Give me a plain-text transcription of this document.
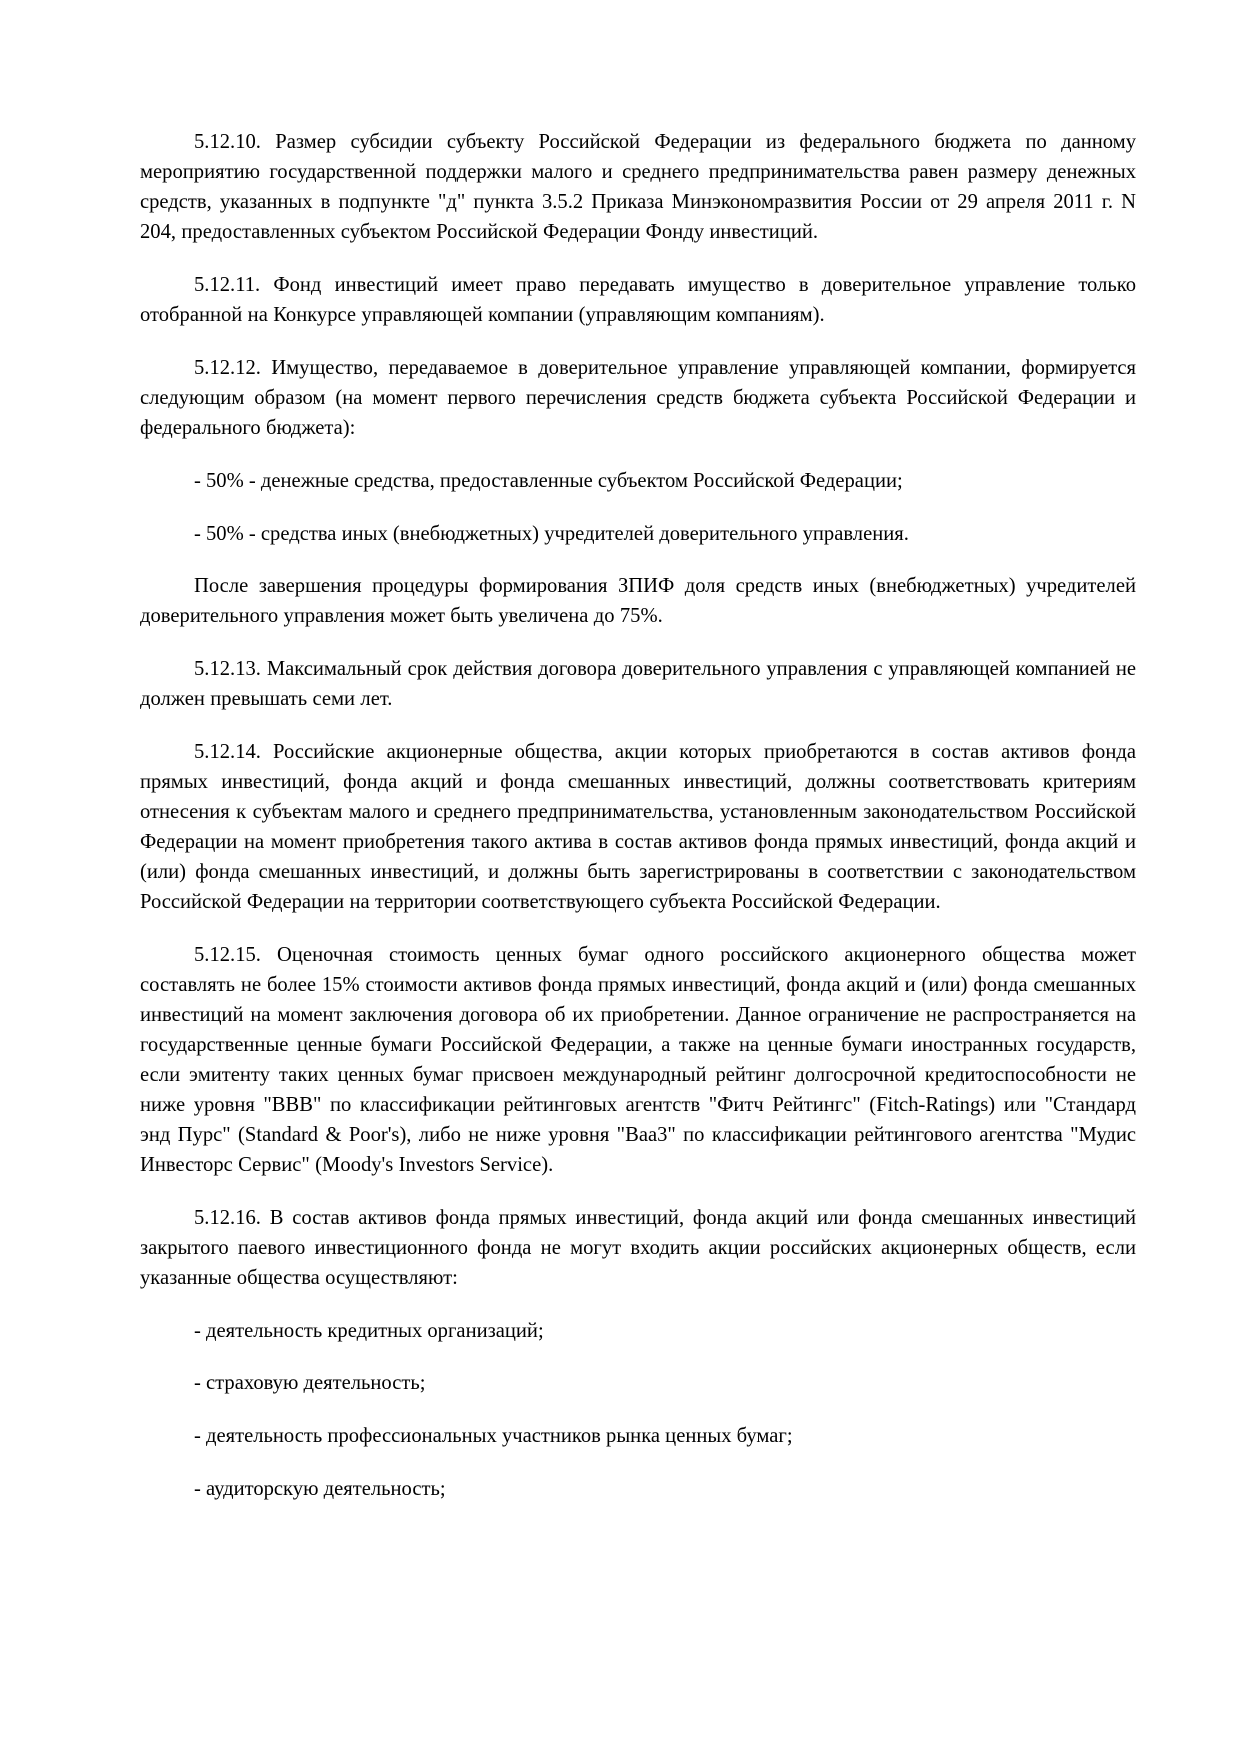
5.12.10. Размер субсидии субъекту Российской Федерации из федерального бюджета по данному мероприятию государственной поддержки малого и среднего предпринимательства равен размеру денежных средств, указанных в подпункте "д" пункта 3.5.2 Приказа Минэкономразвития России от 29 апреля 2011 г. N 204, предоставленных субъектом Российской Федерации Фонду инвестиций.

5.12.11. Фонд инвестиций имеет право передавать имущество в доверительное управление только отобранной на Конкурсе управляющей компании (управляющим компаниям).

5.12.12. Имущество, передаваемое в доверительное управление управляющей компании, формируется следующим образом (на момент первого перечисления средств бюджета субъекта Российской Федерации и федерального бюджета):

- 50% - денежные средства, предоставленные субъектом Российской Федерации;

- 50% - средства иных (внебюджетных) учредителей доверительного управления.

После завершения процедуры формирования ЗПИФ доля средств иных (внебюджетных) учредителей доверительного управления может быть увеличена до 75%.

5.12.13. Максимальный срок действия договора доверительного управления с управляющей компанией не должен превышать семи лет.

5.12.14. Российские акционерные общества, акции которых приобретаются в состав активов фонда прямых инвестиций, фонда акций и фонда смешанных инвестиций, должны соответствовать критериям отнесения к субъектам малого и среднего предпринимательства, установленным законодательством Российской Федерации на момент приобретения такого актива в состав активов фонда прямых инвестиций, фонда акций и (или) фонда смешанных инвестиций, и должны быть зарегистрированы в соответствии с законодательством Российской Федерации на территории соответствующего субъекта Российской Федерации.

5.12.15. Оценочная стоимость ценных бумаг одного российского акционерного общества может составлять не более 15% стоимости активов фонда прямых инвестиций, фонда акций и (или) фонда смешанных инвестиций на момент заключения договора об их приобретении. Данное ограничение не распространяется на государственные ценные бумаги Российской Федерации, а также на ценные бумаги иностранных государств, если эмитенту таких ценных бумаг присвоен международный рейтинг долгосрочной кредитоспособности не ниже уровня "BBB" по классификации рейтинговых агентств "Фитч Рейтингс" (Fitch-Ratings) или "Стандард энд Пурс" (Standard & Poor's), либо не ниже уровня "Baa3" по классификации рейтингового агентства "Мудис Инвесторс Сервис" (Moody's Investors Service).

5.12.16. В состав активов фонда прямых инвестиций, фонда акций или фонда смешанных инвестиций закрытого паевого инвестиционного фонда не могут входить акции российских акционерных обществ, если указанные общества осуществляют:

- деятельность кредитных организаций;

- страховую деятельность;

- деятельность профессиональных участников рынка ценных бумаг;

- аудиторскую деятельность;
